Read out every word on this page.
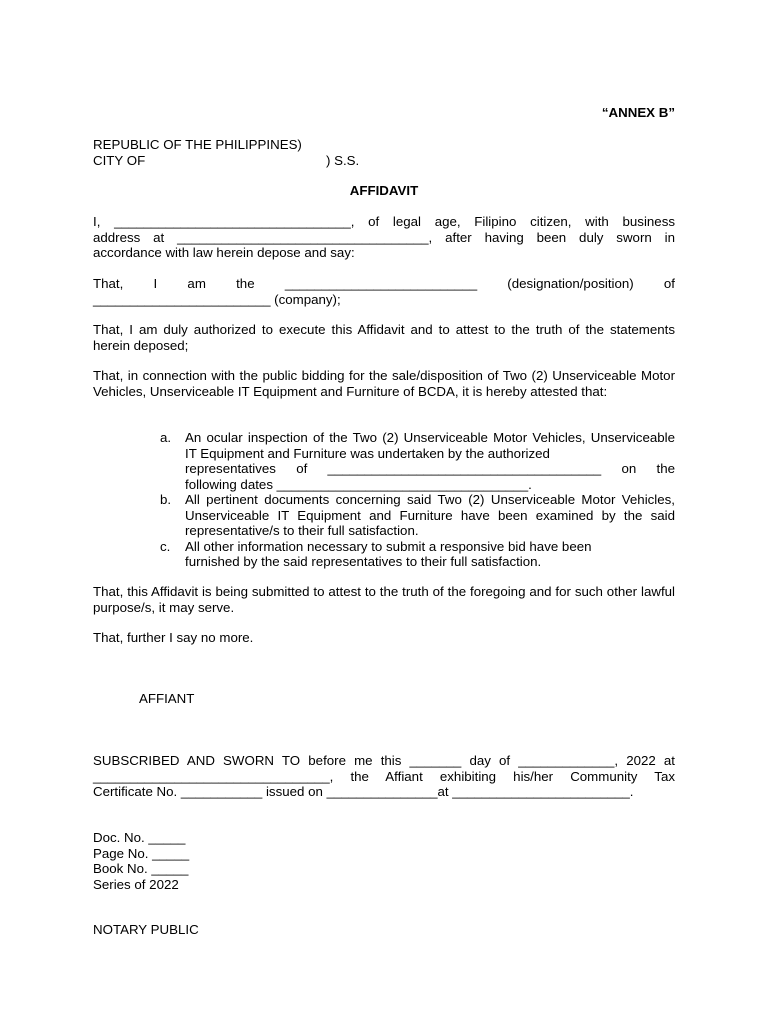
“ANNEX B”
REPUBLIC OF THE PHILIPPINES)
CITY OF	) S.S.
AFFIDAVIT
I, ________________________________, of legal age, Filipino citizen, with business
address at __________________________________, after having been duly sworn in
accordance with law herein depose and say:
That, I am the __________________________ (designation/position) of
________________________ (company);
That, I am duly authorized to execute this Affidavit and to attest to the truth of the statements herein deposed;
That, in connection with the public bidding for the sale/disposition of Two (2) Unserviceable Motor Vehicles, Unserviceable IT Equipment and Furniture of BCDA, it is hereby attested that:
a.	An ocular inspection of the Two (2) Unserviceable Motor Vehicles, Unserviceable IT Equipment and Furniture was undertaken by the authorized
representatives of _____________________________________ on the
following dates __________________________________.
b.	All pertinent documents concerning said Two (2) Unserviceable Motor Vehicles, Unserviceable IT Equipment and Furniture have been examined by the said representative/s to their full satisfaction.
c.	All other information necessary to submit a responsive bid have been
furnished by the said representatives to their full satisfaction.
That, this Affidavit is being submitted to attest to the truth of the foregoing and for such other lawful purpose/s, it may serve.
That, further I say no more.
AFFIANT
SUBSCRIBED AND SWORN TO before me this _______ day of _____________, 2022 at
________________________________, the Affiant exhibiting his/her Community Tax
Certificate No. ___________ issued on _______________at ________________________.
Doc. No. _____
Page No. _____
Book No. _____
Series of 2022
NOTARY PUBLIC
